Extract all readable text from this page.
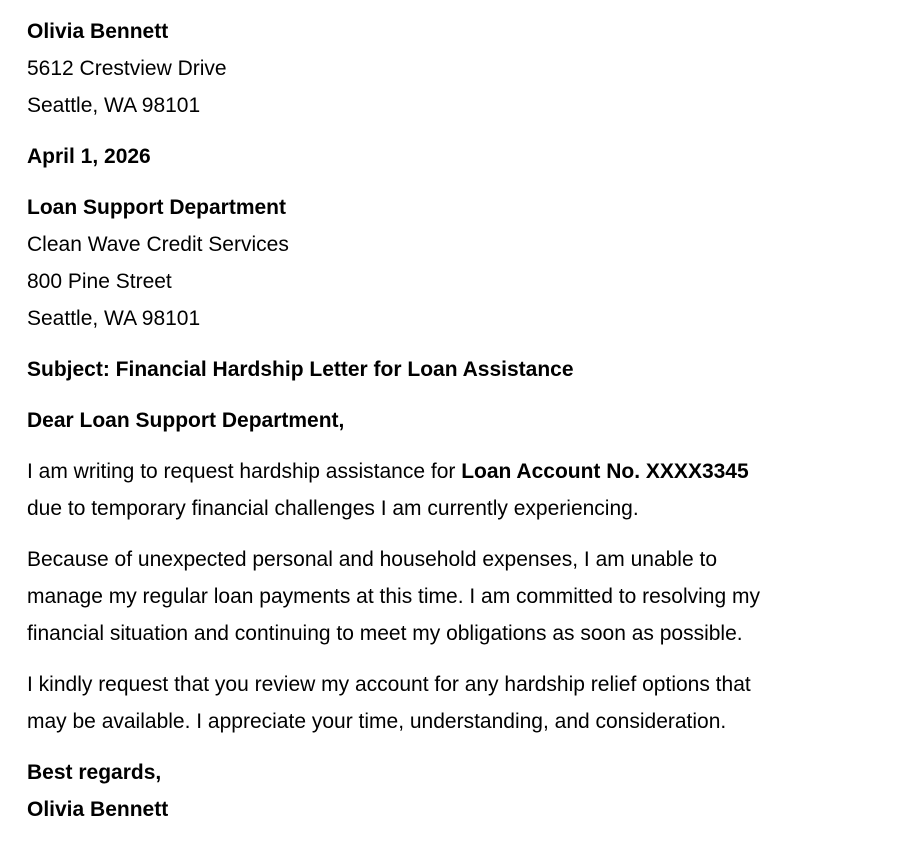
Olivia Bennett
5612 Crestview Drive
Seattle, WA 98101
April 1, 2026
Loan Support Department
Clean Wave Credit Services
800 Pine Street
Seattle, WA 98101
Subject: Financial Hardship Letter for Loan Assistance
Dear Loan Support Department,
I am writing to request hardship assistance for Loan Account No. XXXX3345
due to temporary financial challenges I am currently experiencing.
Because of unexpected personal and household expenses, I am unable to
manage my regular loan payments at this time. I am committed to resolving my
financial situation and continuing to meet my obligations as soon as possible.
I kindly request that you review my account for any hardship relief options that
may be available. I appreciate your time, understanding, and consideration.
Best regards,
Olivia Bennett
